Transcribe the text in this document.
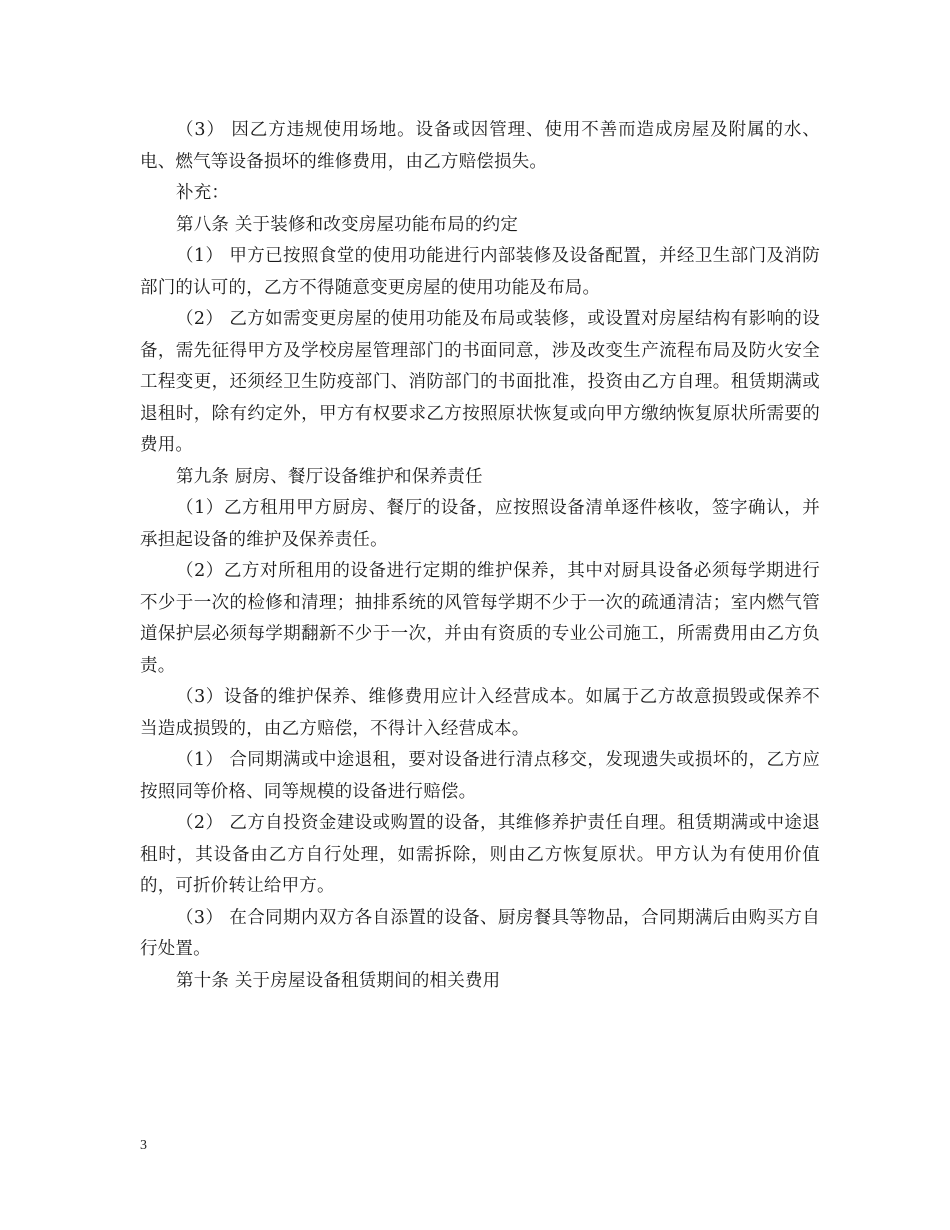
（3） 因乙方违规使用场地。设备或因管理、使用不善而造成房屋及附属的水、电、燃气等设备损坏的维修费用，由乙方赔偿损失。

补充：

第八条 关于装修和改变房屋功能布局的约定

（1） 甲方已按照食堂的使用功能进行内部装修及设备配置，并经卫生部门及消防部门的认可的，乙方不得随意变更房屋的使用功能及布局。

（2） 乙方如需变更房屋的使用功能及布局或装修，或设置对房屋结构有影响的设备，需先征得甲方及学校房屋管理部门的书面同意，涉及改变生产流程布局及防火安全工程变更，还须经卫生防疫部门、消防部门的书面批准，投资由乙方自理。租赁期满或退租时，除有约定外，甲方有权要求乙方按照原状恢复或向甲方缴纳恢复原状所需要的费用。

第九条 厨房、餐厅设备维护和保养责任

（1）乙方租用甲方厨房、餐厅的设备，应按照设备清单逐件核收，签字确认，并承担起设备的维护及保养责任。

（2）乙方对所租用的设备进行定期的维护保养，其中对厨具设备必须每学期进行不少于一次的检修和清理；抽排系统的风管每学期不少于一次的疏通清洁；室内燃气管道保护层必须每学期翻新不少于一次，并由有资质的专业公司施工，所需费用由乙方负责。

（3）设备的维护保养、维修费用应计入经营成本。如属于乙方故意损毁或保养不当造成损毁的，由乙方赔偿，不得计入经营成本。

（1） 合同期满或中途退租，要对设备进行清点移交，发现遗失或损坏的，乙方应按照同等价格、同等规模的设备进行赔偿。

（2） 乙方自投资金建设或购置的设备，其维修养护责任自理。租赁期满或中途退租时，其设备由乙方自行处理，如需拆除，则由乙方恢复原状。甲方认为有使用价值的，可折价转让给甲方。

（3） 在合同期内双方各自添置的设备、厨房餐具等物品，合同期满后由购买方自行处置。

第十条 关于房屋设备租赁期间的相关费用

3
